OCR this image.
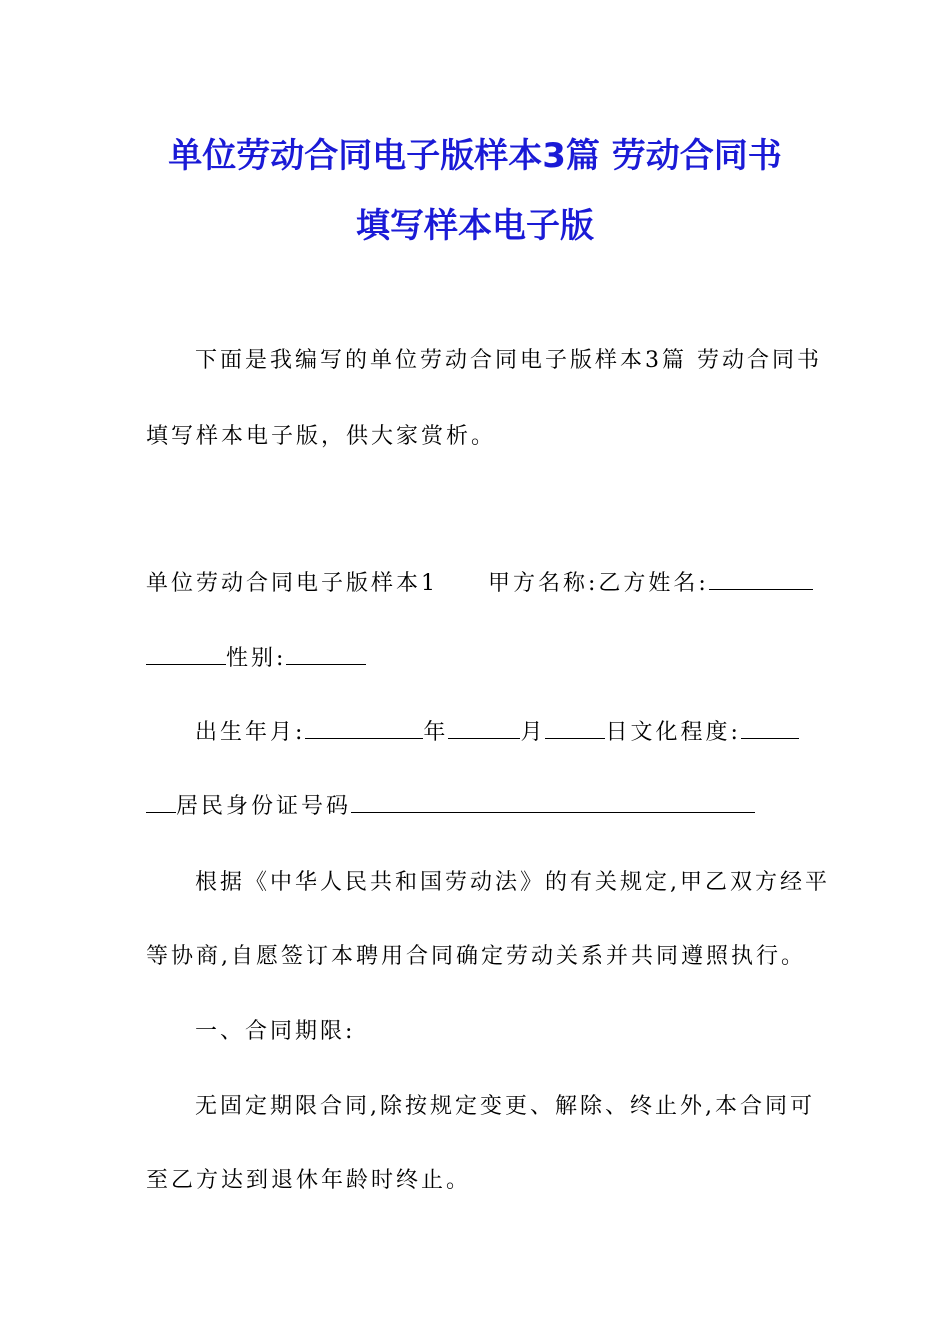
单位劳动合同电子版样本3篇 劳动合同书
填写样本电子版
下面是我编写的单位劳动合同电子版样本3篇 劳动合同书
填写样本电子版，供大家赏析。
单位劳动合同电子版样本1 甲方名称:乙方姓名:
性别:
出生年月:	年	月	日文化程度:
居民身份证号码
根据《中华人民共和国劳动法》的有关规定,甲乙双方经平
等协商,自愿签订本聘用合同确定劳动关系并共同遵照执行。
一、合同期限:
无固定期限合同,除按规定变更、解除、终止外,本合同可
至乙方达到退休年龄时终止。
